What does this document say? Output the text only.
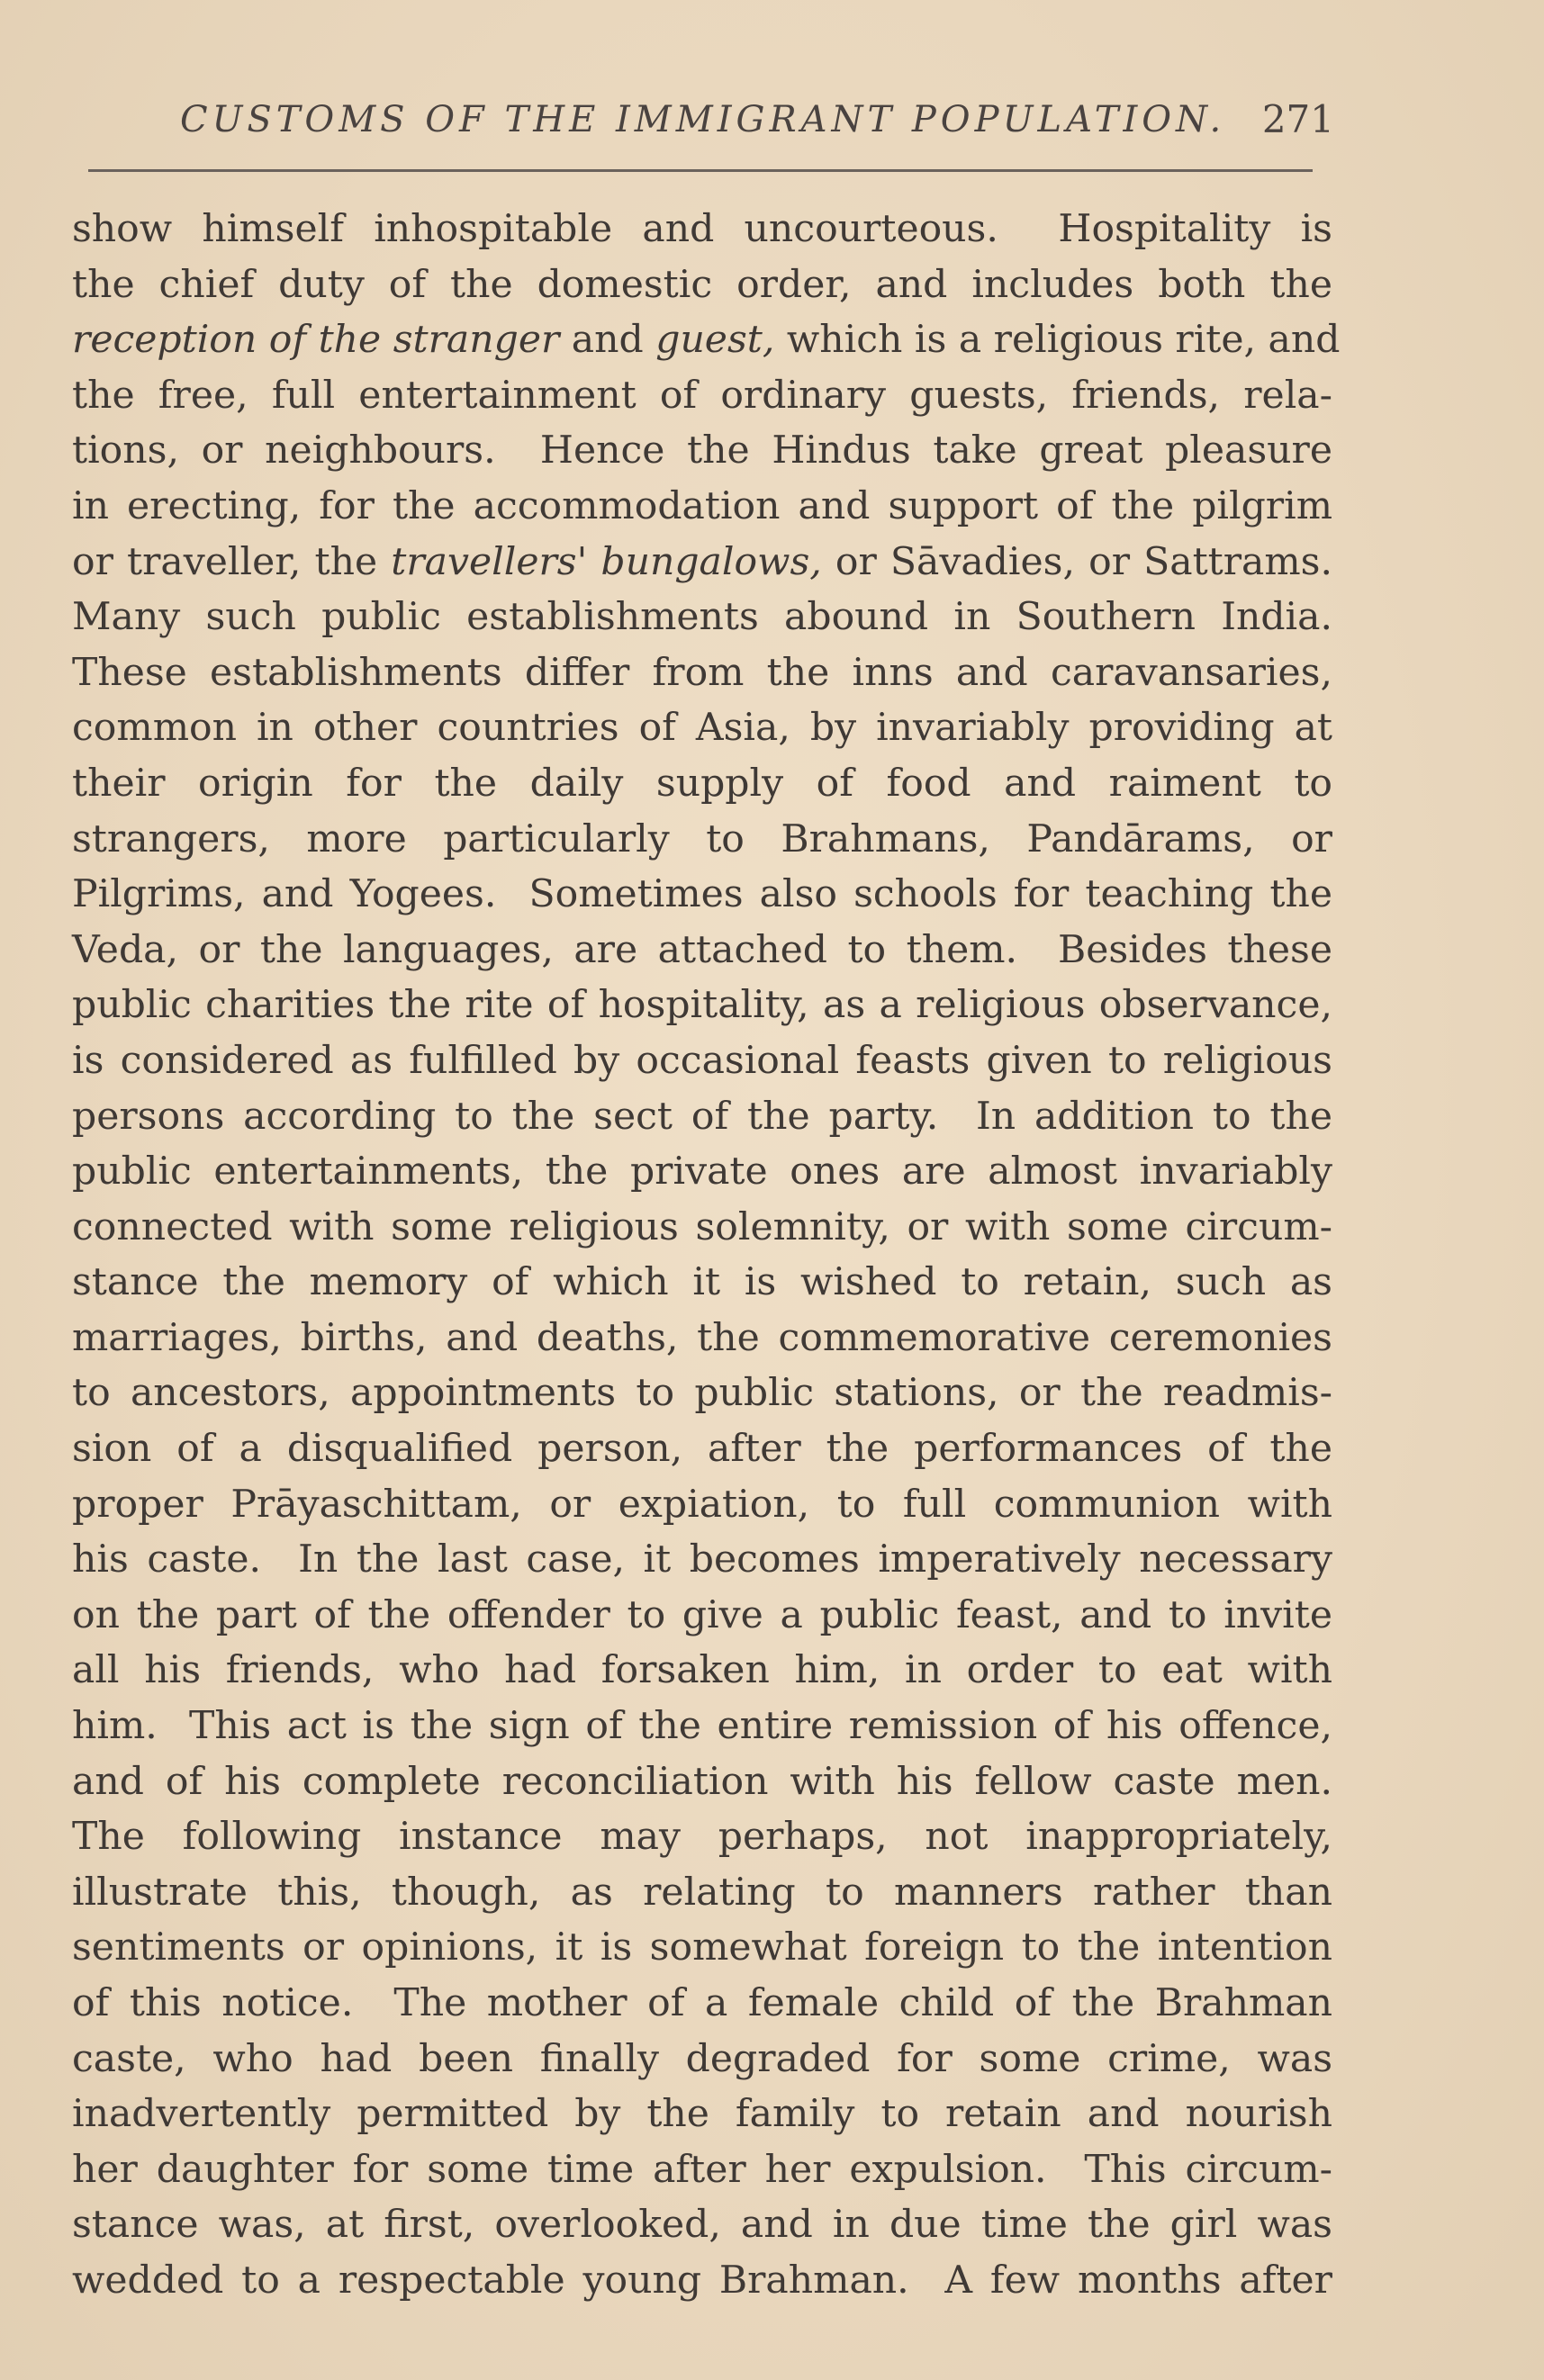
CUSTOMS OF THE IMMIGRANT POPULATION. 271
show himself inhospitable and uncourteous.  Hospitality is
the chief duty of the domestic order, and includes both the
reception of the stranger and guest, which is a religious rite, and
the free, full entertainment of ordinary guests, friends, rela-
tions, or neighbours.  Hence the Hindus take great pleasure
in erecting, for the accommodation and support of the pilgrim
or traveller, the travellers' bungalows, or Sāvadies, or Sattrams.
Many such public establishments abound in Southern India.
These establishments differ from the inns and caravansaries,
common in other countries of Asia, by invariably providing at
their origin for the daily supply of food and raiment to
strangers, more particularly to Brahmans, Pandārams, or
Pilgrims, and Yogees.  Sometimes also schools for teaching the
Veda, or the languages, are attached to them.  Besides these
public charities the rite of hospitality, as a religious observance,
is considered as fulfilled by occasional feasts given to religious
persons according to the sect of the party.  In addition to the
public entertainments, the private ones are almost invariably
connected with some religious solemnity, or with some circum-
stance the memory of which it is wished to retain, such as
marriages, births, and deaths, the commemorative ceremonies
to ancestors, appointments to public stations, or the readmis-
sion of a disqualified person, after the performances of the
proper Prāyaschittam, or expiation, to full communion with
his caste.  In the last case, it becomes imperatively necessary
on the part of the offender to give a public feast, and to invite
all his friends, who had forsaken him, in order to eat with
him.  This act is the sign of the entire remission of his offence,
and of his complete reconciliation with his fellow caste men.
The following instance may perhaps, not inappropriately,
illustrate this, though, as relating to manners rather than
sentiments or opinions, it is somewhat foreign to the intention
of this notice.  The mother of a female child of the Brahman
caste, who had been finally degraded for some crime, was
inadvertently permitted by the family to retain and nourish
her daughter for some time after her expulsion.  This circum-
stance was, at first, overlooked, and in due time the girl was
wedded to a respectable young Brahman.  A few months after
